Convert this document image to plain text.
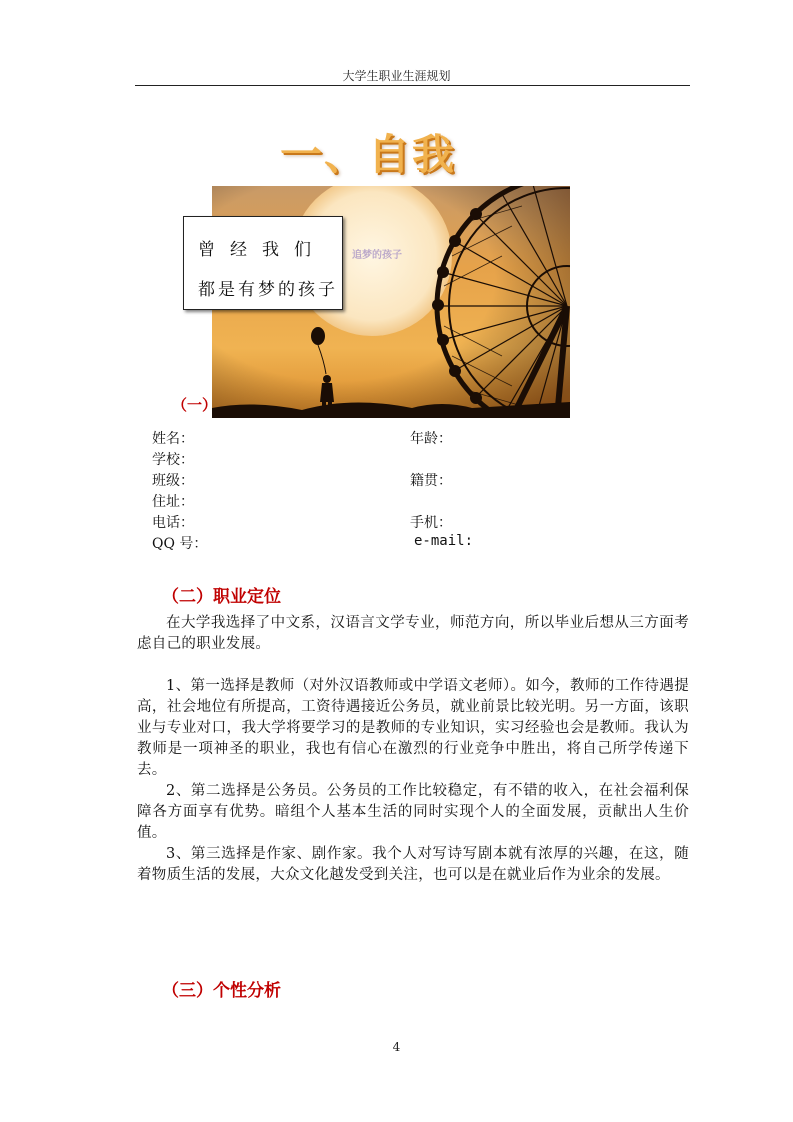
大学生职业生涯规划
一、自我
追梦的孩子
曾经我们
都是有梦的孩子
（一）
姓名：	年龄：
学校：
班级：	籍贯：
住址：
电话：	手机：
QQ 号：	e-mail:
（二）职业定位

在大学我选择了中文系，汉语言文学专业，师范方向，所以毕业后想从三方面考虑自己的职业发展。

1、第一选择是教师（对外汉语教师或中学语文老师）。如今，教师的工作待遇提高，社会地位有所提高，工资待遇接近公务员，就业前景比较光明。另一方面，该职业与专业对口，我大学将要学习的是教师的专业知识，实习经验也会是教师。我认为教师是一项神圣的职业，我也有信心在激烈的行业竞争中胜出，将自己所学传递下去。

2、第二选择是公务员。公务员的工作比较稳定，有不错的收入，在社会福利保障各方面享有优势。暗组个人基本生活的同时实现个人的全面发展，贡献出人生价值。

3、第三选择是作家、剧作家。我个人对写诗写剧本就有浓厚的兴趣，在这，随着物质生活的发展，大众文化越发受到关注，也可以是在就业后作为业余的发展。

（三）个性分析
4
